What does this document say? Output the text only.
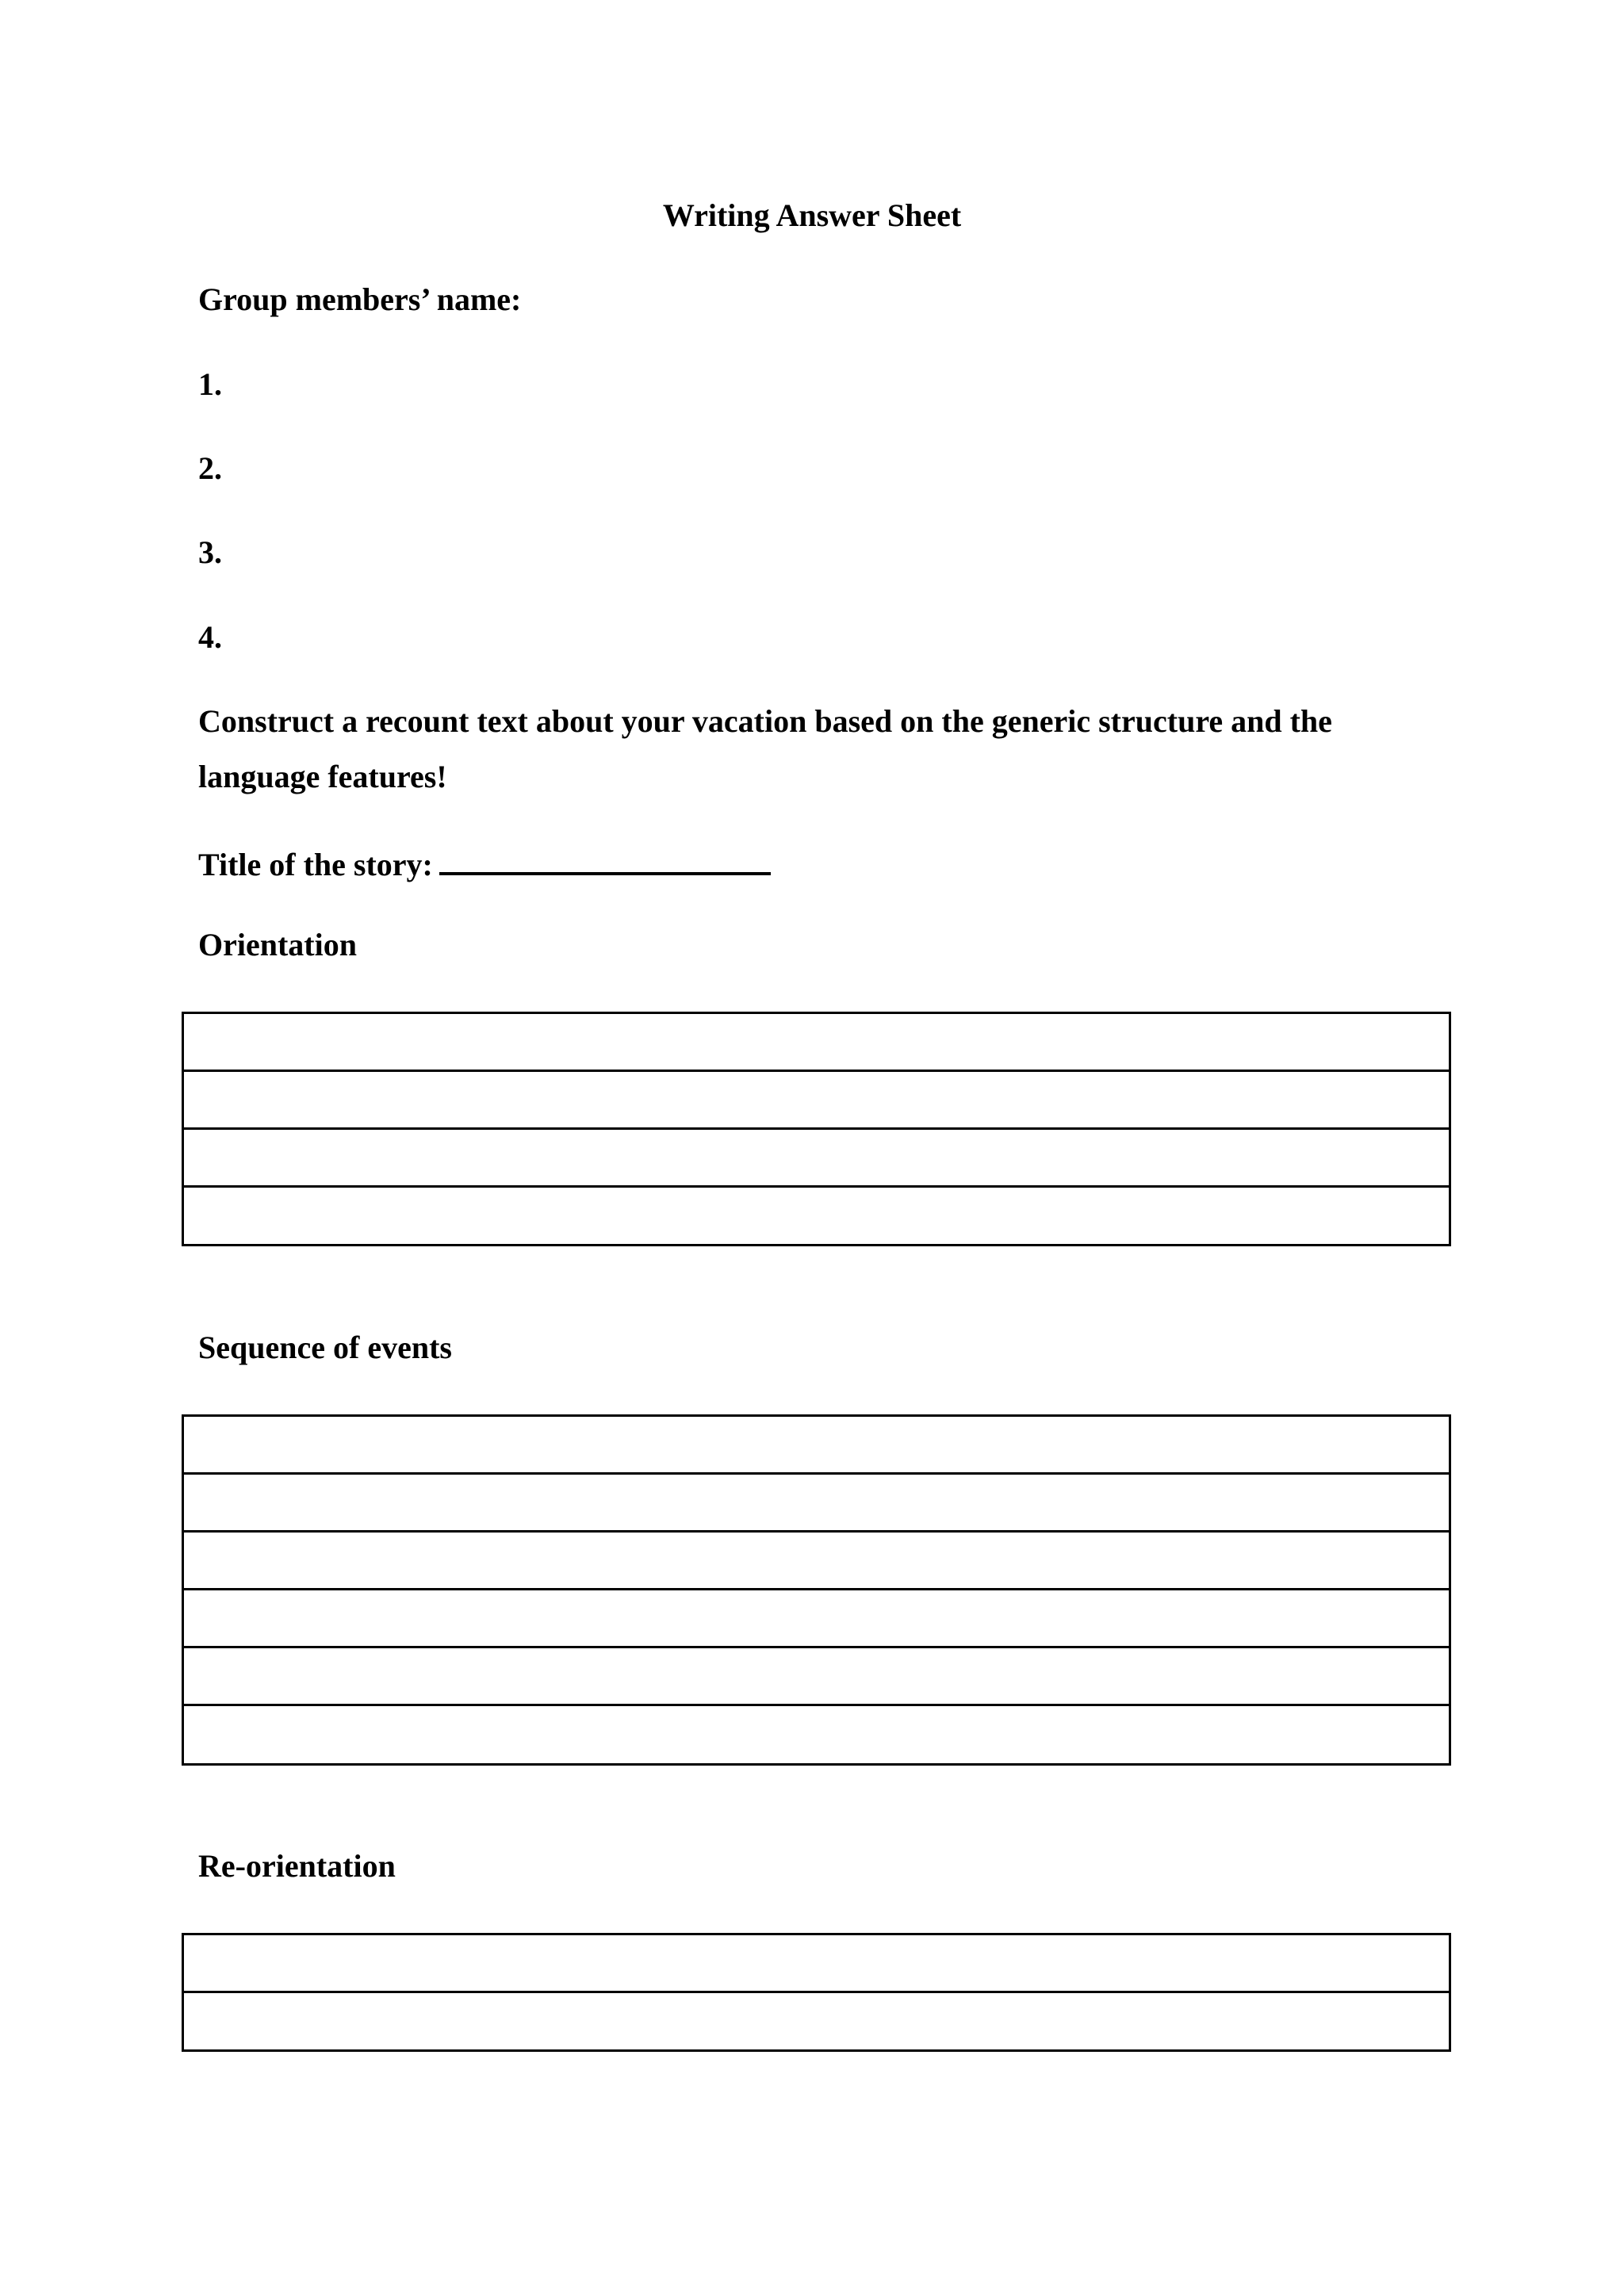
Writing Answer Sheet
Group members’ name:
1.
2.
3.
4.
Construct a recount text about your vacation based on the generic structure and the
language features!
Title of the story:
Orientation
Sequence of events
Re-orientation
